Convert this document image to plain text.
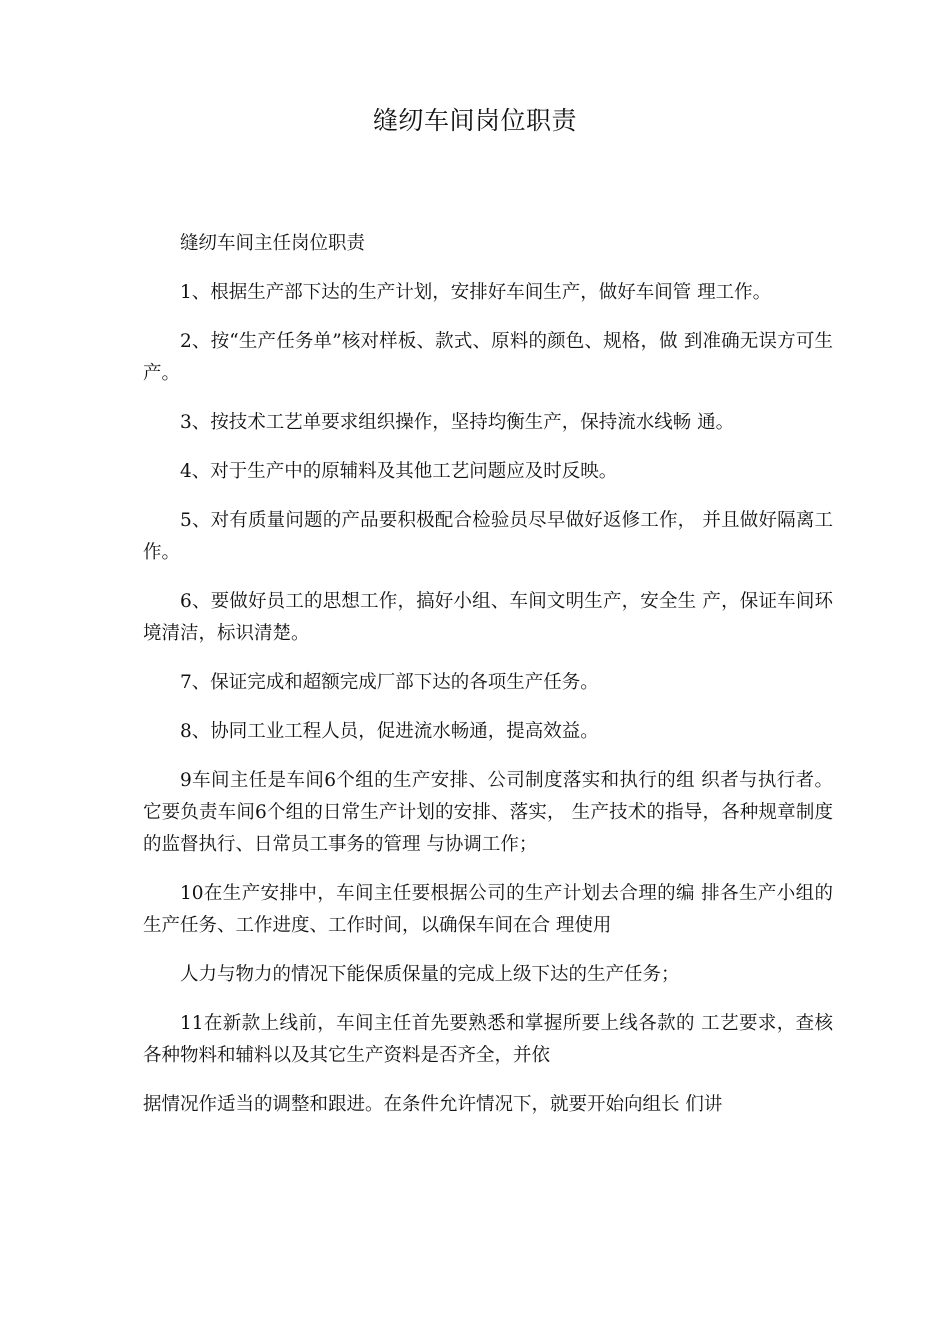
缝纫车间岗位职责

缝纫车间主任岗位职责

1、根据生产部下达的生产计划，安排好车间生产，做好车间管 理工作。

2、按“生产任务单”核对样板、款式、原料的颜色、规格，做 到准确无误方可生产。

3、按技术工艺单要求组织操作，坚持均衡生产，保持流水线畅 通。

4、对于生产中的原辅料及其他工艺问题应及时反映。

5、对有质量问题的产品要积极配合检验员尽早做好返修工作， 并且做好隔离工作。

6、要做好员工的思想工作，搞好小组、车间文明生产，安全生 产，保证车间环境清洁，标识清楚。

7、保证完成和超额完成厂部下达的各项生产任务。

8、协同工业工程人员，促进流水畅通，提高效益。

9车间主任是车间6个组的生产安排、公司制度落实和执行的组 织者与执行者。它要负责车间6个组的日常生产计划的安排、落实， 生产技术的指导，各种规章制度的监督执行、日常员工事务的管理 与协调工作；

10在生产安排中，车间主任要根据公司的生产计划去合理的编 排各生产小组的生产任务、工作进度、工作时间，以确保车间在合 理使用

人力与物力的情况下能保质保量的完成上级下达的生产任务；

11在新款上线前，车间主任首先要熟悉和掌握所要上线各款的 工艺要求，查核各种物料和辅料以及其它生产资料是否齐全，并依

据情况作适当的调整和跟进。在条件允许情况下，就要开始向组长 们讲
